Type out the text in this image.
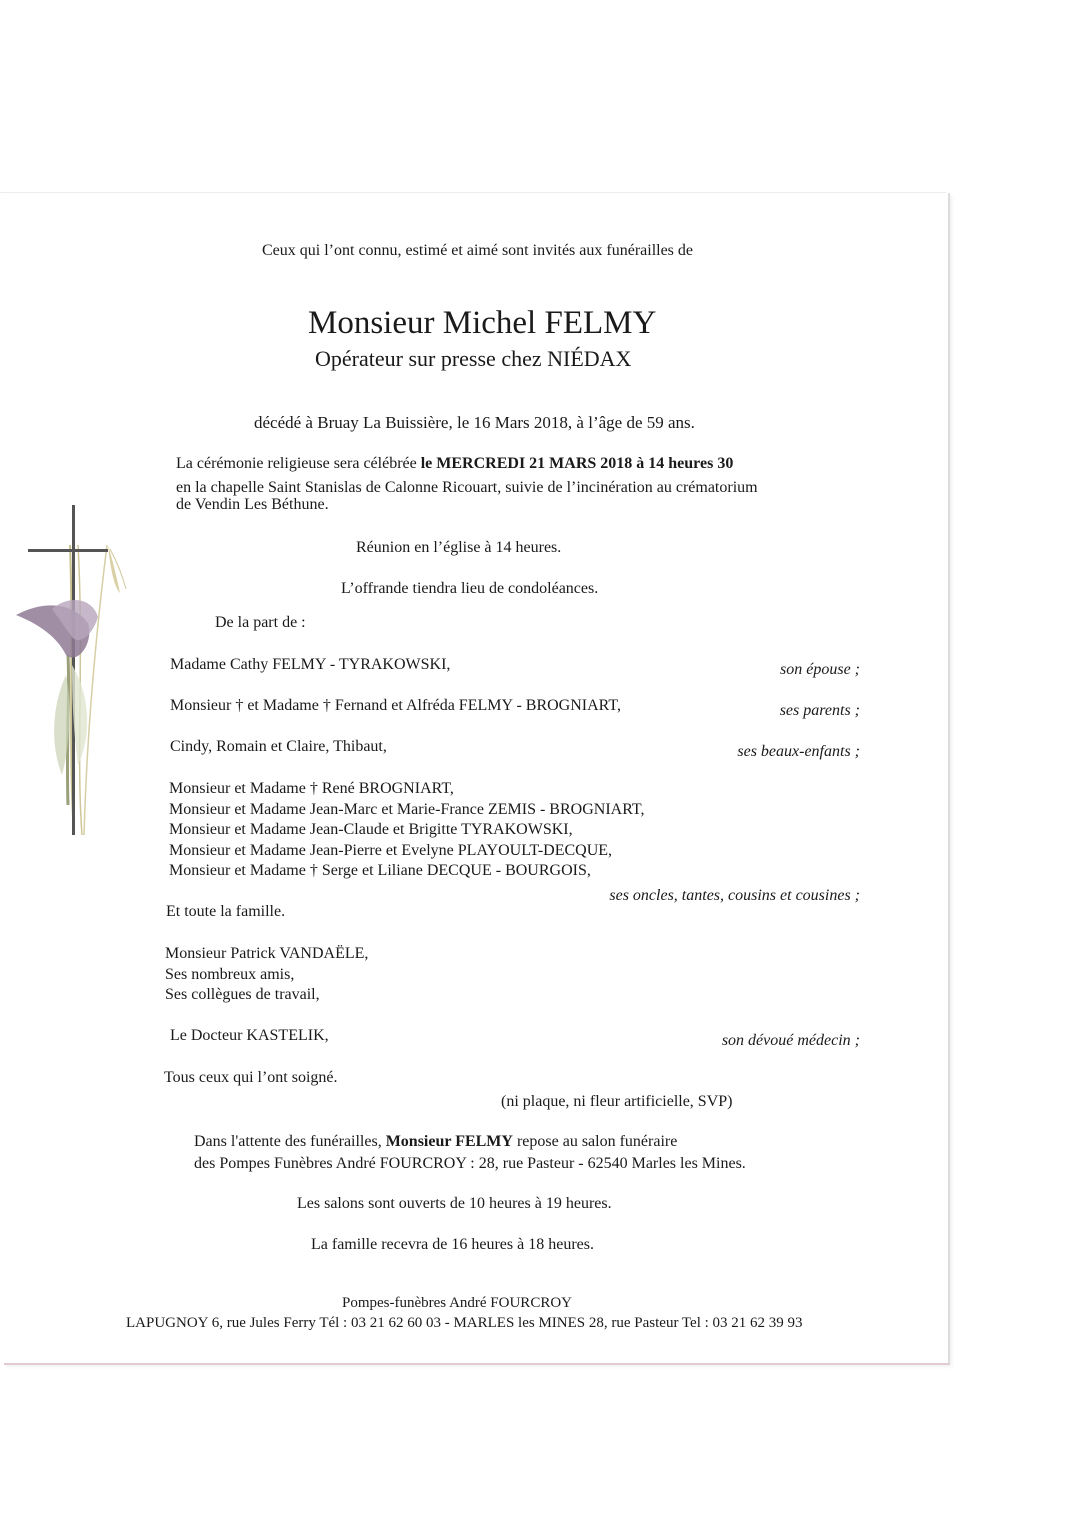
Ceux qui l’ont connu, estimé et aimé sont invités aux funérailles de
Monsieur Michel FELMY
Opérateur sur presse chez NIÉDAX
décédé à Bruay La Buissière, le 16 Mars 2018, à l’âge de 59 ans.
La cérémonie religieuse sera célébrée le MERCREDI 21 MARS 2018 à 14 heures 30
en la chapelle Saint Stanislas de Calonne Ricouart, suivie de l’incinération au crématorium
de Vendin Les Béthune.
Réunion en l’église à 14 heures.
L’offrande tiendra lieu de condoléances.
De la part de :
Madame Cathy FELMY - TYRAKOWSKI,	son épouse ;
Monsieur † et Madame † Fernand et Alfréda FELMY - BROGNIART,	ses parents ;
Cindy, Romain et Claire, Thibaut,	ses beaux-enfants ;
Monsieur et Madame † René BROGNIART,
Monsieur et Madame Jean-Marc et Marie-France ZEMIS - BROGNIART,
Monsieur et Madame Jean-Claude et Brigitte TYRAKOWSKI,
Monsieur et Madame Jean-Pierre et Evelyne PLAYOULT-DECQUE,
Monsieur et Madame † Serge et Liliane DECQUE - BOURGOIS,
ses oncles, tantes, cousins et cousines ;
Et toute la famille.
Monsieur Patrick VANDAËLE,
Ses nombreux amis,
Ses collègues de travail,
Le Docteur KASTELIK,	son dévoué médecin ;
Tous ceux qui l’ont soigné.
(ni plaque, ni fleur artificielle, SVP)
Dans l'attente des funérailles, Monsieur FELMY repose au salon funéraire
des Pompes Funèbres André FOURCROY : 28, rue Pasteur - 62540 Marles les Mines.
Les salons sont ouverts de 10 heures à 19 heures.
La famille recevra de 16 heures à 18 heures.
Pompes-funèbres André FOURCROY
LAPUGNOY 6, rue Jules Ferry Tél : 03 21 62 60 03 - MARLES les MINES 28, rue Pasteur Tel : 03 21 62 39 93
